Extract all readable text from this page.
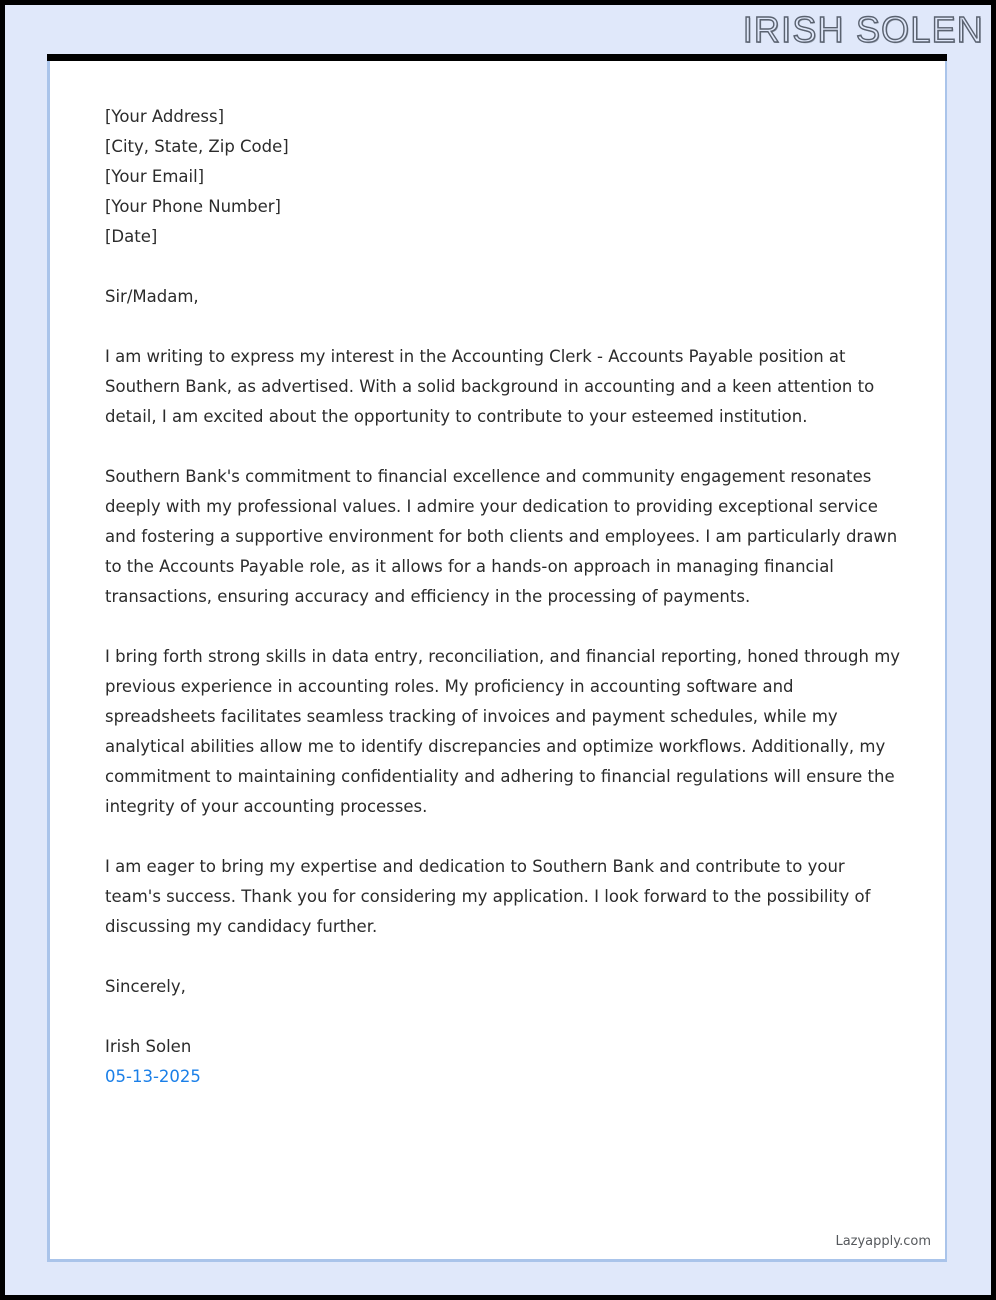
IRISH SOLEN
[Your Address]
[City, State, Zip Code]
[Your Email]
[Your Phone Number]
[Date]
Sir/Madam,
I am writing to express my interest in the Accounting Clerk - Accounts Payable position at Southern Bank, as advertised. With a solid background in accounting and a keen attention to detail, I am excited about the opportunity to contribute to your esteemed institution.
Southern Bank's commitment to financial excellence and community engagement resonates deeply with my professional values. I admire your dedication to providing exceptional service and fostering a supportive environment for both clients and employees. I am particularly drawn to the Accounts Payable role, as it allows for a hands-on approach in managing financial transactions, ensuring accuracy and efficiency in the processing of payments.
I bring forth strong skills in data entry, reconciliation, and financial reporting, honed through my previous experience in accounting roles. My proficiency in accounting software and spreadsheets facilitates seamless tracking of invoices and payment schedules, while my analytical abilities allow me to identify discrepancies and optimize workflows. Additionally, my commitment to maintaining confidentiality and adhering to financial regulations will ensure the integrity of your accounting processes.
I am eager to bring my expertise and dedication to Southern Bank and contribute to your team's success. Thank you for considering my application. I look forward to the possibility of discussing my candidacy further.
Sincerely,
Irish Solen
05-13-2025
Lazyapply.com
